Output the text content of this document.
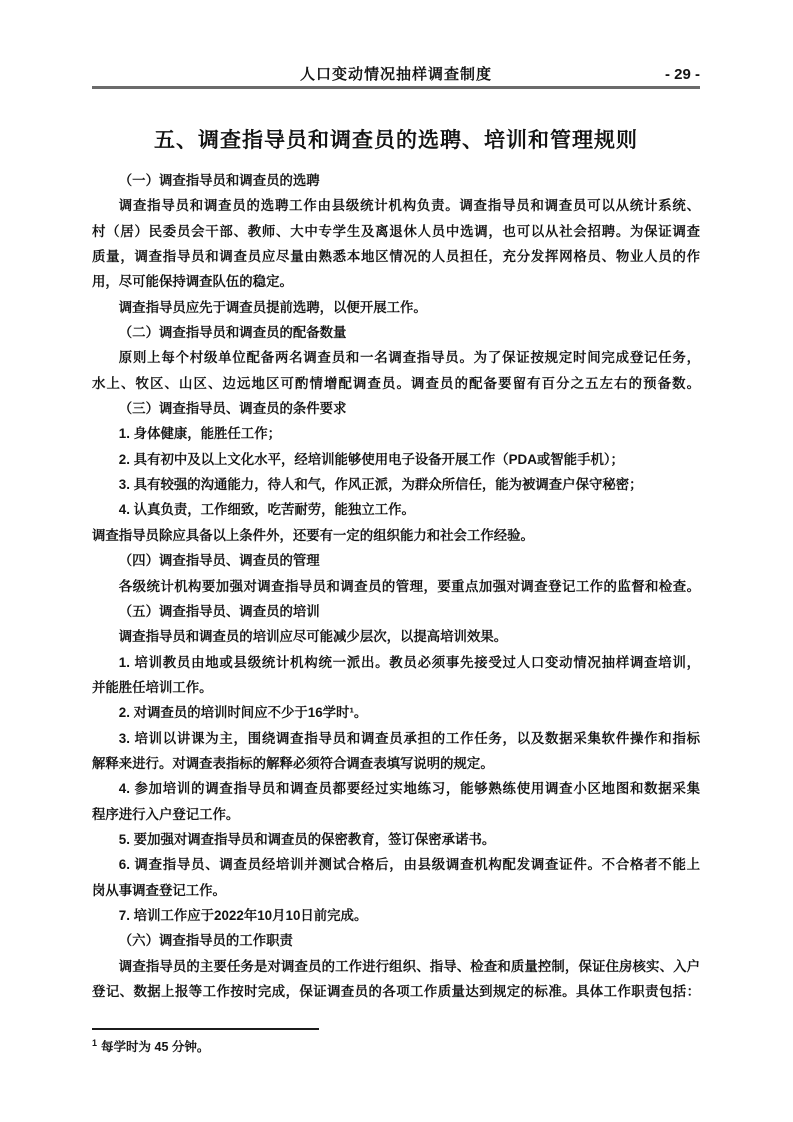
人口变动情况抽样调查制度	- 29 -
五、调查指导员和调查员的选聘、培训和管理规则
（一）调查指导员和调查员的选聘
调查指导员和调查员的选聘工作由县级统计机构负责。调查指导员和调查员可以从统计系统、
村（居）民委员会干部、教师、大中专学生及离退休人员中选调，也可以从社会招聘。为保证调查
质量，调查指导员和调查员应尽量由熟悉本地区情况的人员担任，充分发挥网格员、物业人员的作
用，尽可能保持调查队伍的稳定。
调查指导员应先于调查员提前选聘，以便开展工作。
（二）调查指导员和调查员的配备数量
原则上每个村级单位配备两名调查员和一名调查指导员。为了保证按规定时间完成登记任务，
水上、牧区、山区、边远地区可酌情增配调查员。调查员的配备要留有百分之五左右的预备数。
（三）调查指导员、调查员的条件要求
1. 身体健康，能胜任工作；
2. 具有初中及以上文化水平，经培训能够使用电子设备开展工作（PDA或智能手机）；
3. 具有较强的沟通能力，待人和气，作风正派，为群众所信任，能为被调查户保守秘密；
4. 认真负责，工作细致，吃苦耐劳，能独立工作。
调查指导员除应具备以上条件外，还要有一定的组织能力和社会工作经验。
（四）调查指导员、调查员的管理
各级统计机构要加强对调查指导员和调查员的管理，要重点加强对调查登记工作的监督和检查。
（五）调查指导员、调查员的培训
调查指导员和调查员的培训应尽可能减少层次，以提高培训效果。
1. 培训教员由地或县级统计机构统一派出。教员必须事先接受过人口变动情况抽样调查培训，
并能胜任培训工作。
2. 对调查员的培训时间应不少于16学时¹。
3. 培训以讲课为主，围绕调查指导员和调查员承担的工作任务，以及数据采集软件操作和指标
解释来进行。对调查表指标的解释必须符合调查表填写说明的规定。
4. 参加培训的调查指导员和调查员都要经过实地练习，能够熟练使用调查小区地图和数据采集
程序进行入户登记工作。
5. 要加强对调查指导员和调查员的保密教育，签订保密承诺书。
6. 调查指导员、调查员经培训并测试合格后，由县级调查机构配发调查证件。不合格者不能上
岗从事调查登记工作。
7. 培训工作应于2022年10月10日前完成。
（六）调查指导员的工作职责
调查指导员的主要任务是对调查员的工作进行组织、指导、检查和质量控制，保证住房核实、入户
登记、数据上报等工作按时完成，保证调查员的各项工作质量达到规定的标准。具体工作职责包括：
$^1$ 每学时为 45 分钟。
